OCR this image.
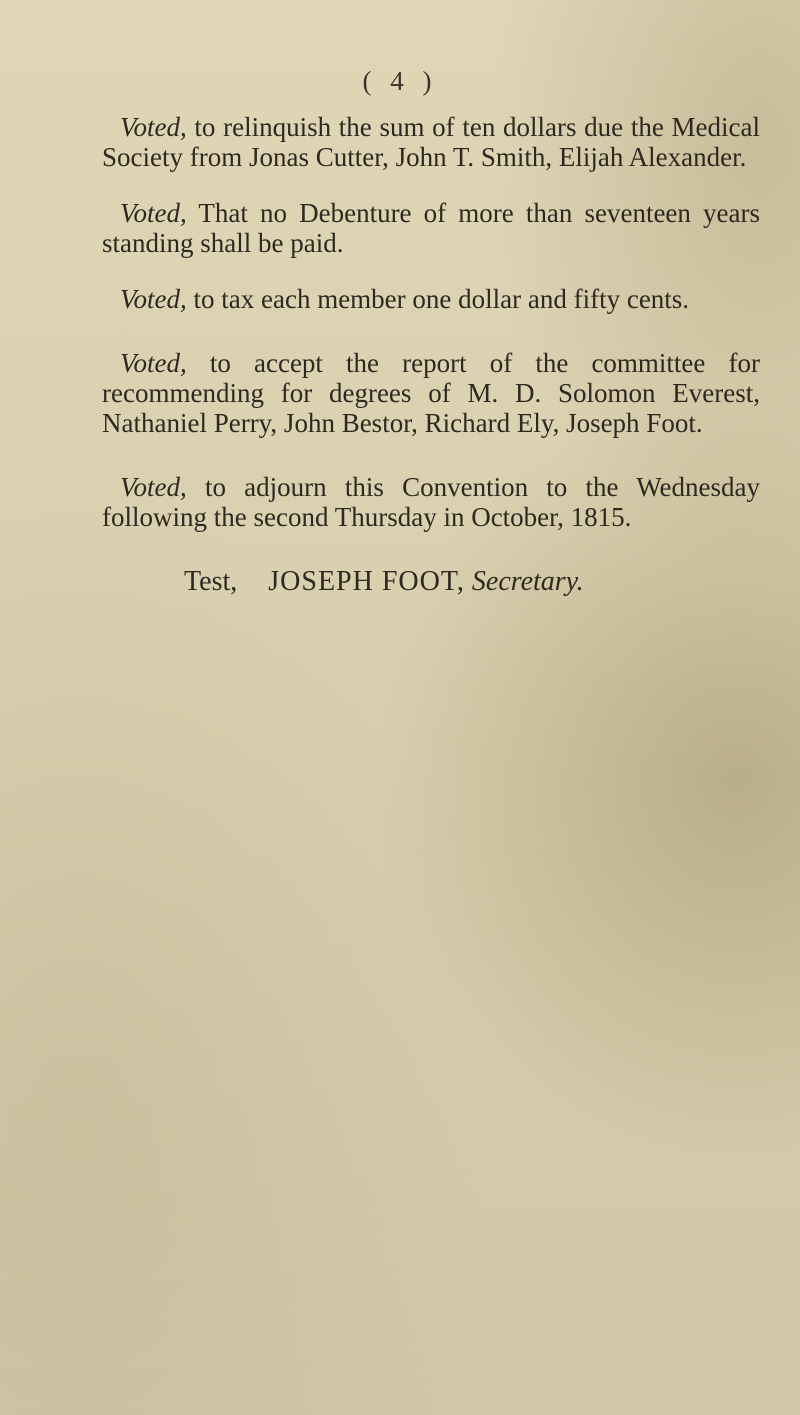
( 4 )

Voted, to relinquish the sum of ten dollars due the Medical Society from Jonas Cutter, John T. Smith, Elijah Alexander.

Voted, That no Debenture of more than seventeen years standing shall be paid.

Voted, to tax each member one dollar and fifty cents.

Voted, to accept the report of the committee for recommending for degrees of M. D. Solomon Everest, Nathaniel Perry, John Bestor, Richard Ely, Joseph Foot.

Voted, to adjourn this Convention to the Wednesday following the second Thursday in October, 1815.

Test, JOSEPH FOOT, Secretary.
